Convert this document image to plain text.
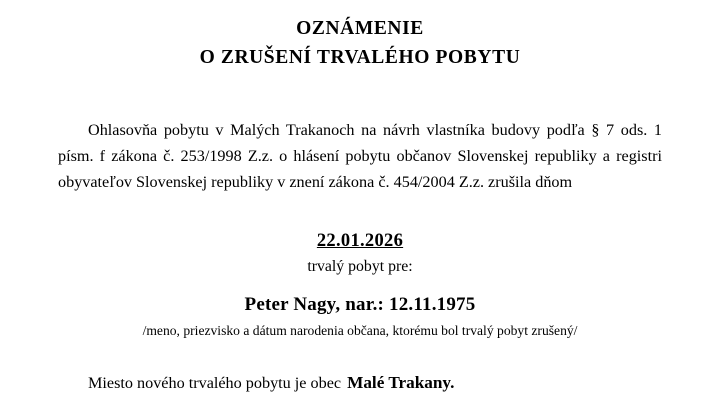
OZNÁMENIE
O ZRUŠENÍ TRVALÉHO POBYTU

Ohlasovňa pobytu v Malých Trakanoch na návrh vlastníka budovy podľa § 7 ods. 1 písm. f zákona č. 253/1998 Z.z. o hlásení pobytu občanov Slovenskej republiky a registri obyvateľov Slovenskej republiky v znení zákona č. 454/2004 Z.z. zrušila dňom

22.01.2026
trvalý pobyt pre:
Peter Nagy, nar.: 12.11.1975
/meno, priezvisko a dátum narodenia občana, ktorému bol trvalý pobyt zrušený/

Miesto nového trvalého pobytu je obec Malé Trakany.
